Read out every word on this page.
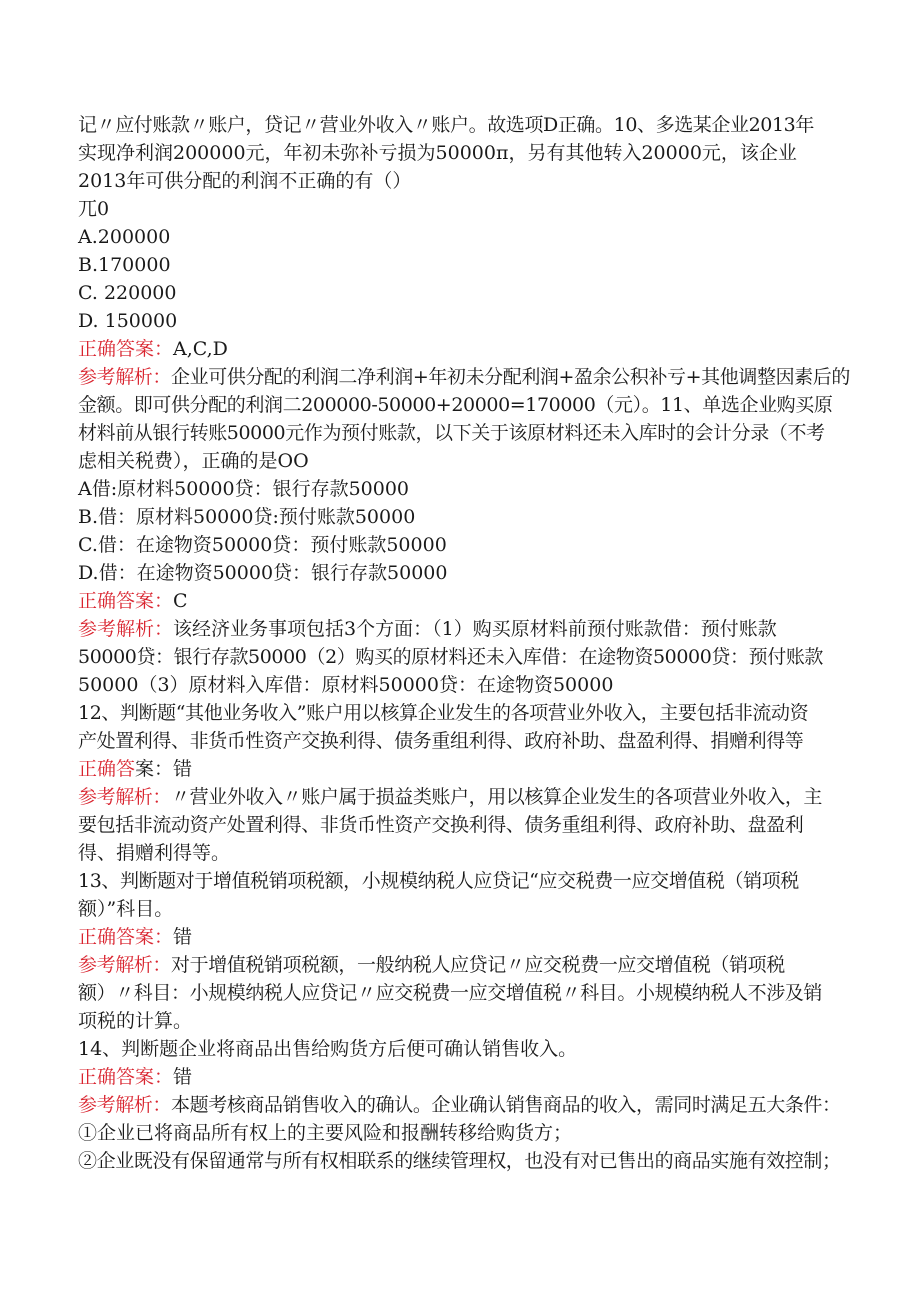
记〃应付账款〃账户，贷记〃营业外收入〃账户。故选项D正确。10、多选某企业2013年

实现净利润200000元，年初未弥补亏损为50000π，另有其他转入20000元，该企业

2013年可供分配的利润不正确的有（）

兀0

A.200000

B.170000

C. 220000

D. 150000

正确答案：A,C,D

参考解析：企业可供分配的利润二净利润+年初未分配利润+盈余公积补亏+其他调整因素后的

金额。即可供分配的利润二200000-50000+20000=170000（元）。11、单选企业购买原

材料前从银行转账50000元作为预付账款，以下关于该原材料还未入库时的会计分录（不考

虑相关税费），正确的是OO

A借:原材料50000贷：银行存款50000

B.借：原材料50000贷:预付账款50000

C.借：在途物资50000贷：预付账款50000

D.借：在途物资50000贷：银行存款50000

正确答案：C

参考解析：该经济业务事项包括3个方面：（1）购买原材料前预付账款借：预付账款

50000贷：银行存款50000（2）购买的原材料还未入库借：在途物资50000贷：预付账款

50000（3）原材料入库借：原材料50000贷：在途物资50000

12、判断题“其他业务收入”账户用以核算企业发生的各项营业外收入，主要包括非流动资

产处置利得、非货币性资产交换利得、债务重组利得、政府补助、盘盈利得、捐赠利得等

正确答案：错

参考解析：〃营业外收入〃账户属于损益类账户，用以核算企业发生的各项营业外收入，主

要包括非流动资产处置利得、非货币性资产交换利得、债务重组利得、政府补助、盘盈利

得、捐赠利得等。

13、判断题对于增值税销项税额，小规模纳税人应贷记“应交税费一应交增值税（销项税

额）”科目。

正确答案：错

参考解析：对于增值税销项税额，一般纳税人应贷记〃应交税费一应交增值税（销项税

额）〃科目：小规模纳税人应贷记〃应交税费一应交增值税〃科目。小规模纳税人不涉及销

项税的计算。

14、判断题企业将商品出售给购货方后便可确认销售收入。

正确答案：错

参考解析：本题考核商品销售收入的确认。企业确认销售商品的收入，需同时满足五大条件：

①企业已将商品所有权上的主要风险和报酬转移给购货方；

②企业既没有保留通常与所有权相联系的继续管理权，也没有对已售出的商品实施有效控制；
